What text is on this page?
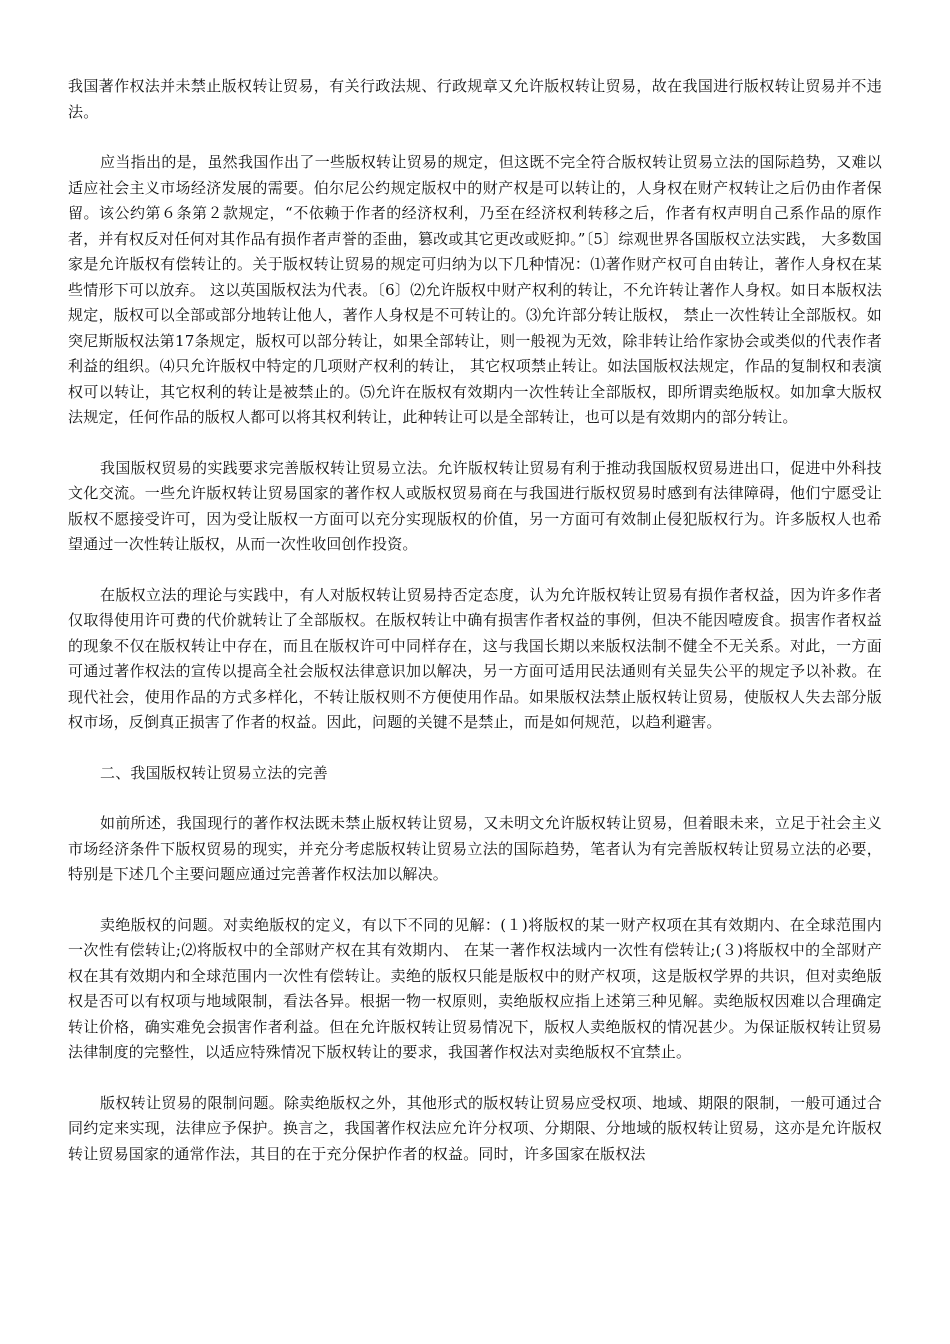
我国著作权法并未禁止版权转让贸易，有关行政法规、行政规章又允许版权转让贸易，故在我国进行版权转让贸易并不违法。

应当指出的是，虽然我国作出了一些版权转让贸易的规定，但这既不完全符合版权转让贸易立法的国际趋势，又难以适应社会主义市场经济发展的需要。伯尔尼公约规定版权中的财产权是可以转让的，人身权在财产权转让之后仍由作者保留。该公约第６条第２款规定，“不依赖于作者的经济权利，乃至在经济权利转移之后，作者有权声明自己系作品的原作者，并有权反对任何对其作品有损作者声誉的歪曲，篡改或其它更改或贬抑。”〔5〕综观世界各国版权立法实践， 大多数国家是允许版权有偿转让的。关于版权转让贸易的规定可归纳为以下几种情况：⑴著作财产权可自由转让，著作人身权在某些情形下可以放弃。 这以英国版权法为代表。〔6〕⑵允许版权中财产权利的转让，不允许转让著作人身权。如日本版权法规定，版权可以全部或部分地转让他人，著作人身权是不可转让的。⑶允许部分转让版权， 禁止一次性转让全部版权。如突尼斯版权法第17条规定，版权可以部分转让，如果全部转让，则一般视为无效，除非转让给作家协会或类似的代表作者利益的组织。⑷只允许版权中特定的几项财产权利的转让， 其它权项禁止转让。如法国版权法规定，作品的复制权和表演权可以转让，其它权利的转让是被禁止的。⑸允许在版权有效期内一次性转让全部版权，即所谓卖绝版权。如加拿大版权法规定，任何作品的版权人都可以将其权利转让，此种转让可以是全部转让，也可以是有效期内的部分转让。

我国版权贸易的实践要求完善版权转让贸易立法。允许版权转让贸易有利于推动我国版权贸易进出口，促进中外科技文化交流。一些允许版权转让贸易国家的著作权人或版权贸易商在与我国进行版权贸易时感到有法律障碍，他们宁愿受让版权不愿接受许可，因为受让版权一方面可以充分实现版权的价值，另一方面可有效制止侵犯版权行为。许多版权人也希望通过一次性转让版权，从而一次性收回创作投资。

在版权立法的理论与实践中，有人对版权转让贸易持否定态度，认为允许版权转让贸易有损作者权益，因为许多作者仅取得使用许可费的代价就转让了全部版权。在版权转让中确有损害作者权益的事例，但决不能因噎废食。损害作者权益的现象不仅在版权转让中存在，而且在版权许可中同样存在，这与我国长期以来版权法制不健全不无关系。对此，一方面可通过著作权法的宣传以提高全社会版权法律意识加以解决，另一方面可适用民法通则有关显失公平的规定予以补救。在现代社会，使用作品的方式多样化，不转让版权则不方便使用作品。如果版权法禁止版权转让贸易，使版权人失去部分版权市场，反倒真正损害了作者的权益。因此，问题的关键不是禁止，而是如何规范，以趋利避害。

二、我国版权转让贸易立法的完善

如前所述，我国现行的著作权法既未禁止版权转让贸易，又未明文允许版权转让贸易，但着眼未来，立足于社会主义市场经济条件下版权贸易的现实，并充分考虑版权转让贸易立法的国际趋势，笔者认为有完善版权转让贸易立法的必要，特别是下述几个主要问题应通过完善著作权法加以解决。

卖绝版权的问题。对卖绝版权的定义，有以下不同的见解：(１)将版权的某一财产权项在其有效期内、在全球范围内一次性有偿转让;⑵将版权中的全部财产权在其有效期内、 在某一著作权法域内一次性有偿转让;(３)将版权中的全部财产权在其有效期内和全球范围内一次性有偿转让。卖绝的版权只能是版权中的财产权项，这是版权学界的共识，但对卖绝版权是否可以有权项与地域限制，看法各异。根据一物一权原则，卖绝版权应指上述第三种见解。卖绝版权因难以合理确定转让价格，确实难免会损害作者利益。但在允许版权转让贸易情况下，版权人卖绝版权的情况甚少。为保证版权转让贸易法律制度的完整性，以适应特殊情况下版权转让的要求，我国著作权法对卖绝版权不宜禁止。

版权转让贸易的限制问题。除卖绝版权之外，其他形式的版权转让贸易应受权项、地域、期限的限制，一般可通过合同约定来实现，法律应予保护。换言之，我国著作权法应允许分权项、分期限、分地域的版权转让贸易，这亦是允许版权转让贸易国家的通常作法，其目的在于充分保护作者的权益。同时，许多国家在版权法
